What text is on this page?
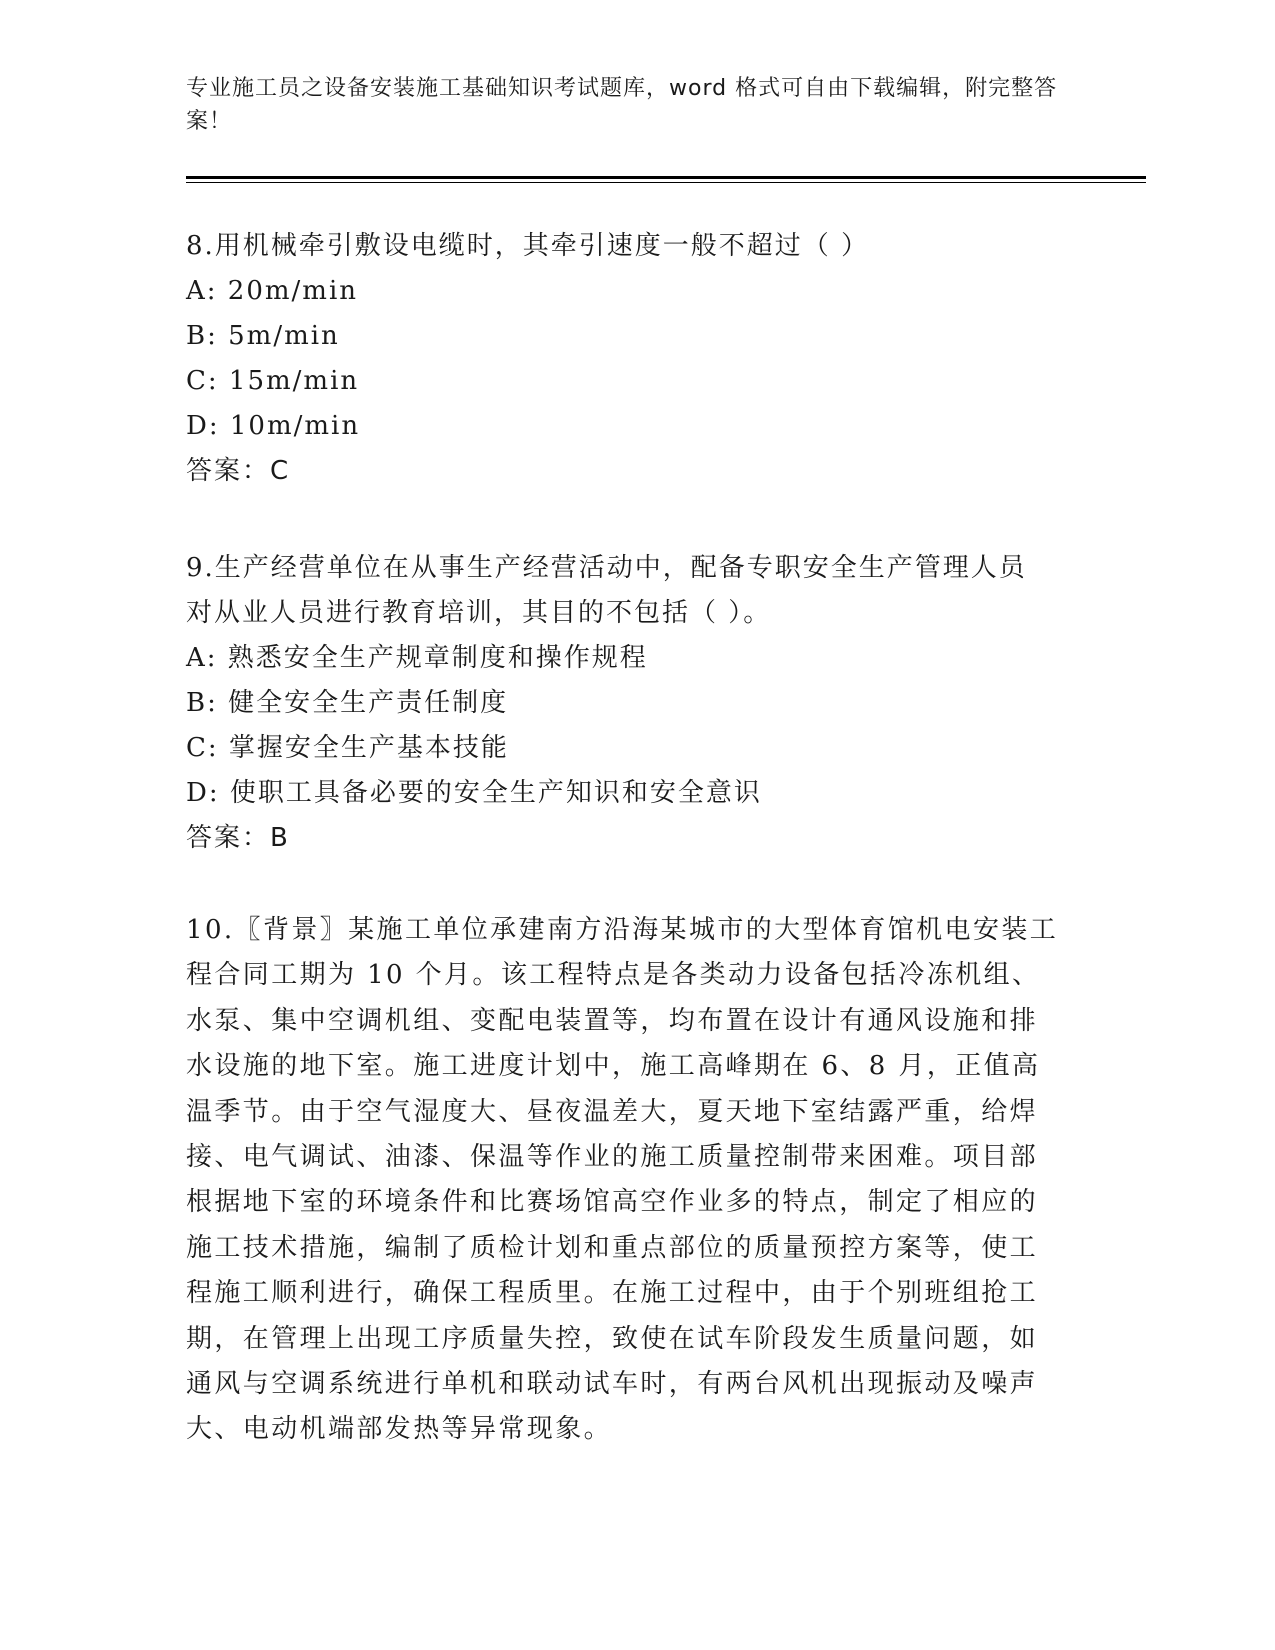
专业施工员之设备安装施工基础知识考试题库，word 格式可自由下载编辑，附完整答案！
8.用机械牵引敷设电缆时，其牵引速度一般不超过（ ）
A: 20m/min
B: 5m/min
C: 15m/min
D: 10m/min
答案：C
9.生产经营单位在从事生产经营活动中，配备专职安全生产管理人员
对从业人员进行教育培训，其目的不包括（ ）。
A: 熟悉安全生产规章制度和操作规程
B: 健全安全生产责任制度
C: 掌握安全生产基本技能
D: 使职工具备必要的安全生产知识和安全意识
答案：B
10.〖背景〗某施工单位承建南方沿海某城市的大型体育馆机电安装工程合同工期为 10 个月。该工程特点是各类动力设备包括冷冻机组、水泵、集中空调机组、变配电装置等，均布置在设计有通风设施和排水设施的地下室。施工进度计划中，施工高峰期在 6、8 月，正值高温季节。由于空气湿度大、昼夜温差大，夏天地下室结露严重，给焊接、电气调试、油漆、保温等作业的施工质量控制带来困难。项目部根据地下室的环境条件和比赛场馆高空作业多的特点，制定了相应的施工技术措施，编制了质检计划和重点部位的质量预控方案等，使工程施工顺利进行，确保工程质里。在施工过程中，由于个别班组抢工期，在管理上出现工序质量失控，致使在试车阶段发生质量问题，如通风与空调系统进行单机和联动试车时，有两台风机出现振动及噪声大、电动机端部发热等异常现象。
